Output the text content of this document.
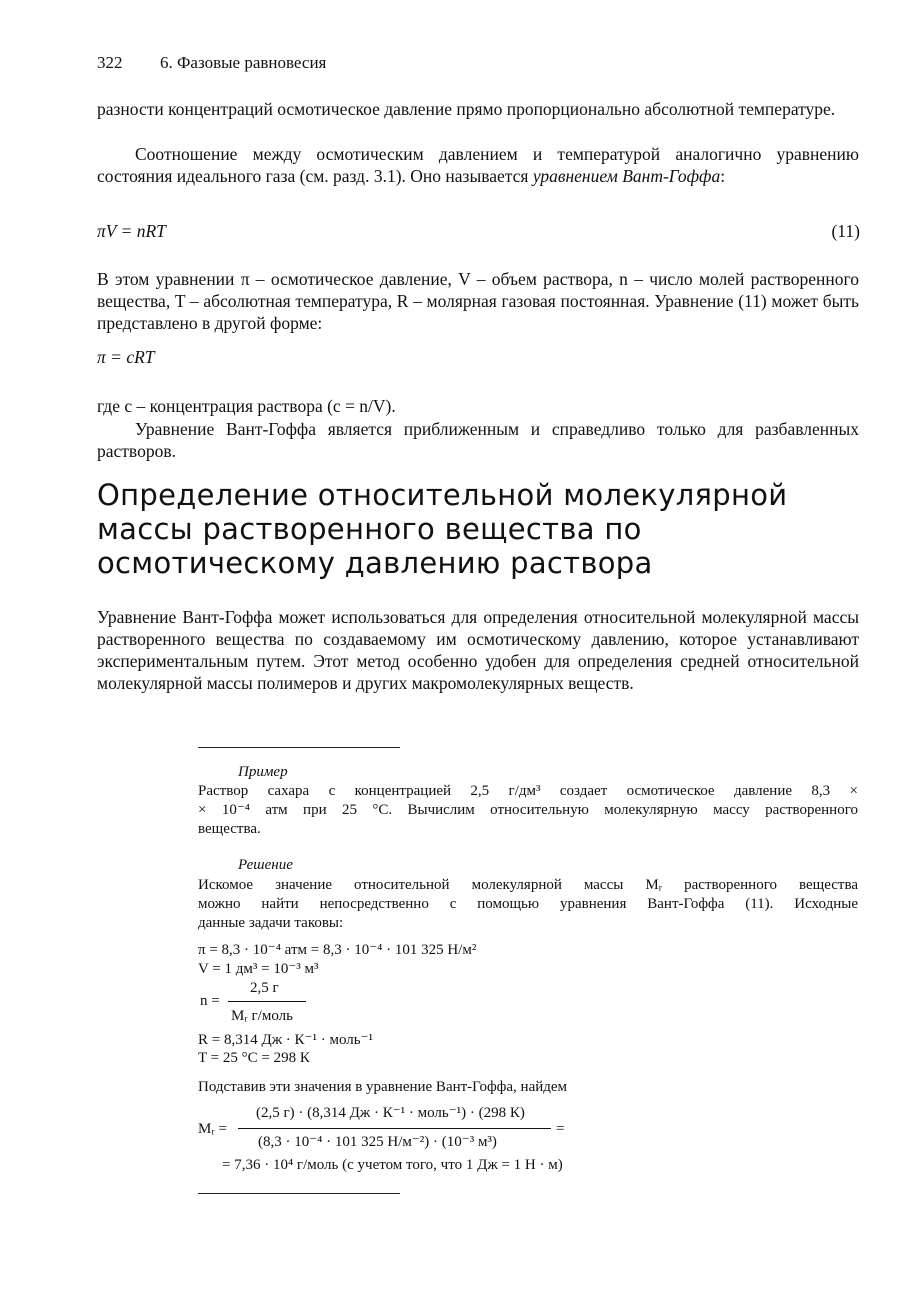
322 6. Фазовые равновесия
разности концентраций осмотическое давление прямо пропорционально абсолютной температуре.
Соотношение между осмотическим давлением и температурой аналогично уравнению состояния идеального газа (см. разд. 3.1). Оно называется уравнением Вант-Гоффа:
πV = nRT	(11)
В этом уравнении π – осмотическое давление, V – объем раствора, n – число молей растворенного вещества, T – абсолютная температура, R – молярная газовая постоянная. Уравнение (11) может быть представлено в другой форме:
π = cRT
где c – концентрация раствора (c = n/V).
Уравнение Вант-Гоффа является приближенным и справедливо только для разбавленных растворов.
Определение относительной молекулярной
массы растворенного вещества по
осмотическому давлению раствора
Уравнение Вант-Гоффа может использоваться для определения относительной молекулярной массы растворенного вещества по создаваемому им осмотическому давлению, которое устанавливают экспериментальным путем. Этот метод особенно удобен для определения средней относительной молекулярной массы полимеров и других макромолекулярных веществ.
Пример
Раствор сахара с концентрацией 2,5 г/дм³ создает осмотическое давление 8,3 ×
× 10⁻⁴ атм при 25 °С. Вычислим относительную молекулярную массу растворенного
вещества.
Решение
Искомое значение относительной молекулярной массы Mᵣ растворенного вещества
можно найти непосредственно с помощью уравнения Вант-Гоффа (11). Исходные
данные задачи таковы:
π = 8,3 · 10⁻⁴ атм = 8,3 · 10⁻⁴ · 101 325 Н/м²
V = 1 дм³ = 10⁻³ м³
2,5 г
n =
Mᵣ г/моль
R = 8,314 Дж · К⁻¹ · моль⁻¹
T = 25 °С = 298 К
Подставив эти значения в уравнение Вант-Гоффа, найдем
(2,5 г) · (8,314 Дж · К⁻¹ · моль⁻¹) · (298 К)
Mᵣ =	=
(8,3 · 10⁻⁴ · 101 325 Н/м⁻²) · (10⁻³ м³)
= 7,36 · 10⁴ г/моль (с учетом того, что 1 Дж = 1 Н · м)
